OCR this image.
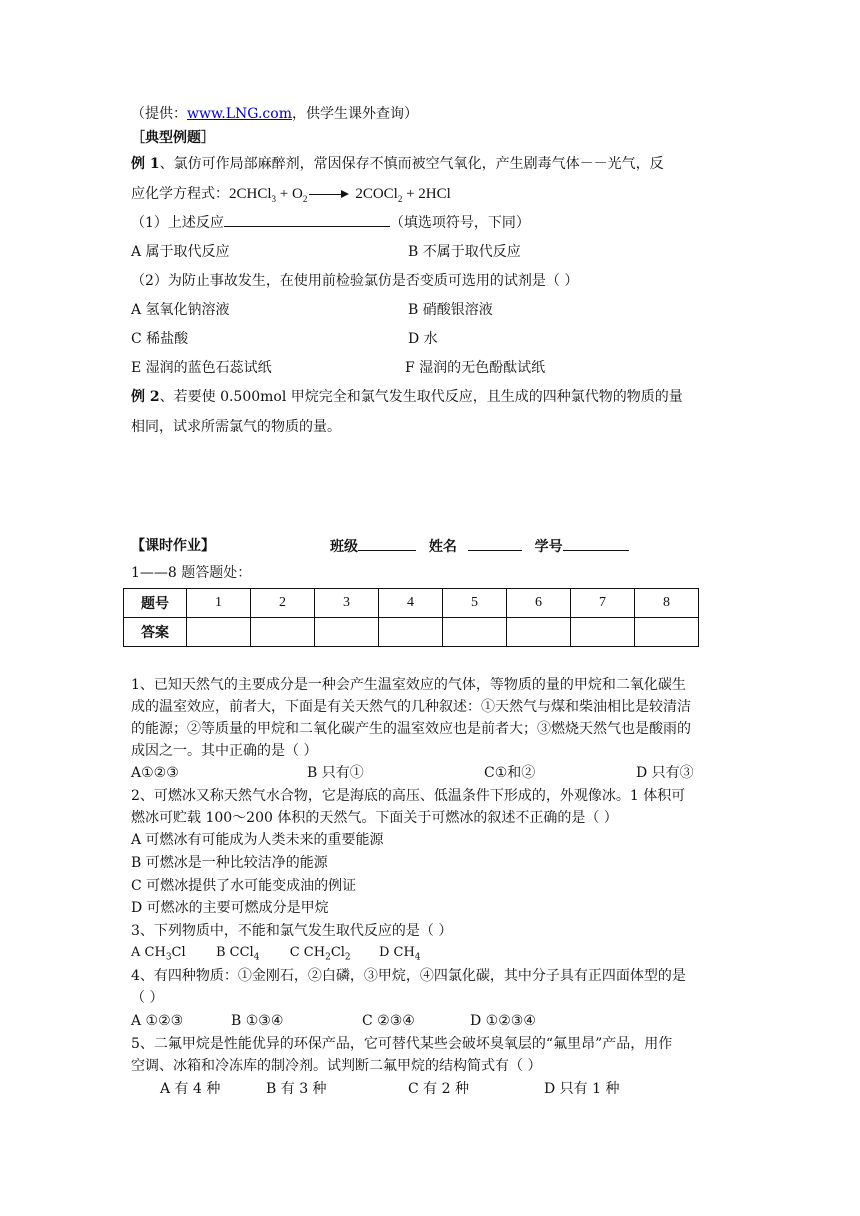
（提供：www.LNG.com，供学生课外查询）
［典型例题］
例 1、氯仿可作局部麻醉剂，常因保存不慎而被空气氧化，产生剧毒气体－－光气，反
应化学方程式：2CHCl$_3$ + $O_2$	2COCl$_2$ + 2HCl
（1）上述反应	（填选项符号，下同）
A 属于取代反应	B 不属于取代反应
（2）为防止事故发生，在使用前检验氯仿是否变质可选用的试剂是（ ）
A 氢氧化钠溶液	B 硝酸银溶液
C 稀盐酸	D 水
E 湿润的蓝色石蕊试纸	F 湿润的无色酚酞试纸
例 2、若要使 0.500mol 甲烷完全和氯气发生取代反应，且生成的四种氯代物的物质的量
相同，试求所需氯气的物质的量。
【课时作业】	班级	姓名	学号
1——8 题答题处：
题号	1	2	3	4	5	6	7	8
答案								
1、已知天然气的主要成分是一种会产生温室效应的气体，等物质的量的甲烷和二氧化碳生
成的温室效应，前者大，下面是有关天然气的几种叙述：①天然气与煤和柴油相比是较清洁
的能源；②等质量的甲烷和二氧化碳产生的温室效应也是前者大；③燃烧天然气也是酸雨的
成因之一。其中正确的是（ ）
A①②③	B 只有①	C①和②	D 只有③
2、可燃冰又称天然气水合物，它是海底的高压、低温条件下形成的，外观像冰。1 体积可
燃冰可贮载 100～200 体积的天然气。下面关于可燃冰的叙述不正确的是（ ）
A 可燃冰有可能成为人类未来的重要能源
B 可燃冰是一种比较洁净的能源
C 可燃冰提供了水可能变成油的例证
D 可燃冰的主要可燃成分是甲烷
3、下列物质中，不能和氯气发生取代反应的是（ ）
A $CH_3Cl$ B CCl$_4$ C $CH_2Cl_2$ D $CH_4$
4、有四种物质：①金刚石，②白磷，③甲烷，④四氯化碳，其中分子具有正四面体型的是
（ ）
A ①②③	B ①③④	C ②③④	D ①②③④
5、二氟甲烷是性能优异的环保产品，它可替代某些会破坏臭氧层的“氟里昂”产品，用作
空调、冰箱和冷冻库的制冷剂。试判断二氟甲烷的结构简式有（ ）
A 有 4 种	B 有 3 种	C 有 2 种	D 只有 1 种
